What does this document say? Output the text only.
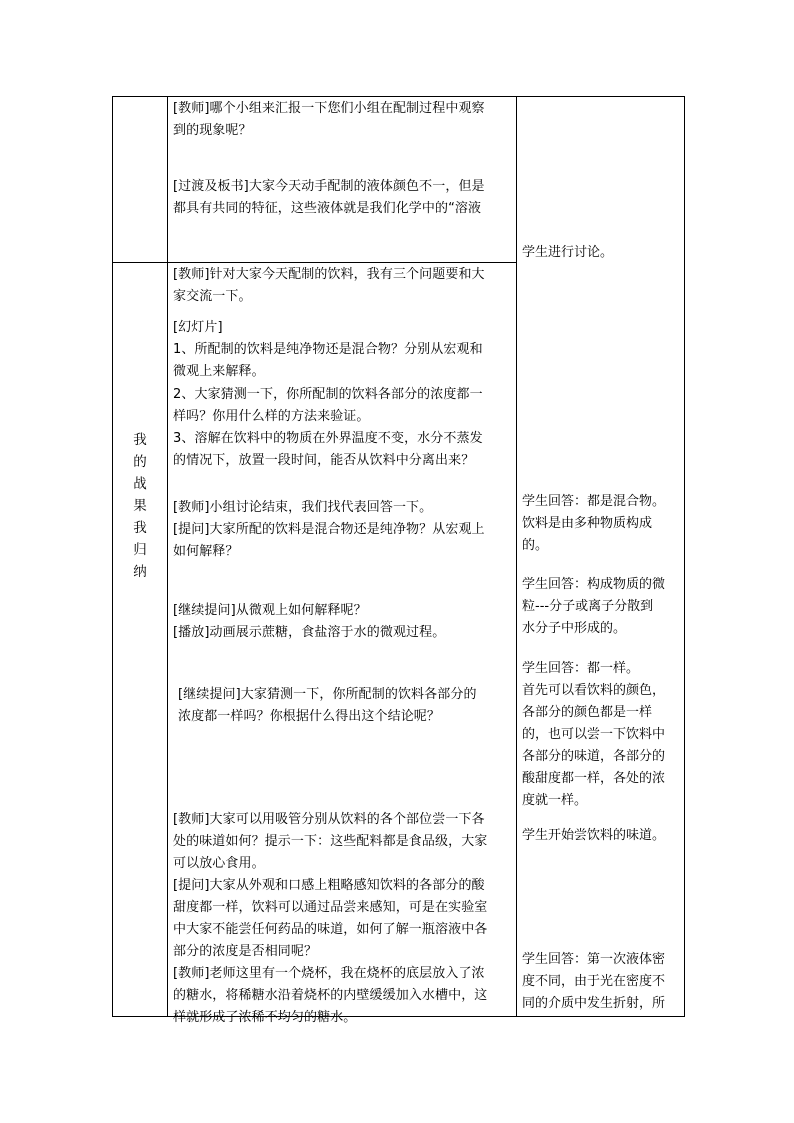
[教师]哪个小组来汇报一下您们小组在配制过程中观察
到的现象呢？
[过渡及板书]大家今天动手配制的液体颜色不一，但是
都具有共同的特征，这些液体就是我们化学中的“溶液
学生进行讨论。
我
的
战
果
我
归
纳
[教师]针对大家今天配制的饮料，我有三个问题要和大
家交流一下。
[幻灯片]
1、所配制的饮料是纯净物还是混合物？分别从宏观和
微观上来解释。
2、大家猜测一下，你所配制的饮料各部分的浓度都一
样吗？你用什么样的方法来验证。
3、溶解在饮料中的物质在外界温度不变，水分不蒸发
的情况下，放置一段时间，能否从饮料中分离出来？
[教师]小组讨论结束，我们找代表回答一下。
[提问]大家所配的饮料是混合物还是纯净物？从宏观上
如何解释？
[继续提问]从微观上如何解释呢？
[播放]动画展示蔗糖，食盐溶于水的微观过程。
[继续提问]大家猜测一下，你所配制的饮料各部分的
浓度都一样吗？你根据什么得出这个结论呢？
[教师]大家可以用吸管分别从饮料的各个部位尝一下各
处的味道如何？提示一下：这些配料都是食品级，大家
可以放心食用。
[提问]大家从外观和口感上粗略感知饮料的各部分的酸
甜度都一样，饮料可以通过品尝来感知，可是在实验室
中大家不能尝任何药品的味道，如何了解一瓶溶液中各
部分的浓度是否相同呢？
[教师]老师这里有一个烧杯，我在烧杯的底层放入了浓
的糖水，将稀糖水沿着烧杯的内壁缓缓加入水槽中，这
样就形成了浓稀不均匀的糖水。
学生回答：都是混合物。
饮料是由多种物质构成
的。
学生回答：构成物质的微
粒---分子或离子分散到
水分子中形成的。
学生回答：都一样。
首先可以看饮料的颜色，
各部分的颜色都是一样
的，也可以尝一下饮料中
各部分的味道，各部分的
酸甜度都一样，各处的浓
度就一样。
学生开始尝饮料的味道。
学生回答：第一次液体密
度不同，由于光在密度不
同的介质中发生折射，所
